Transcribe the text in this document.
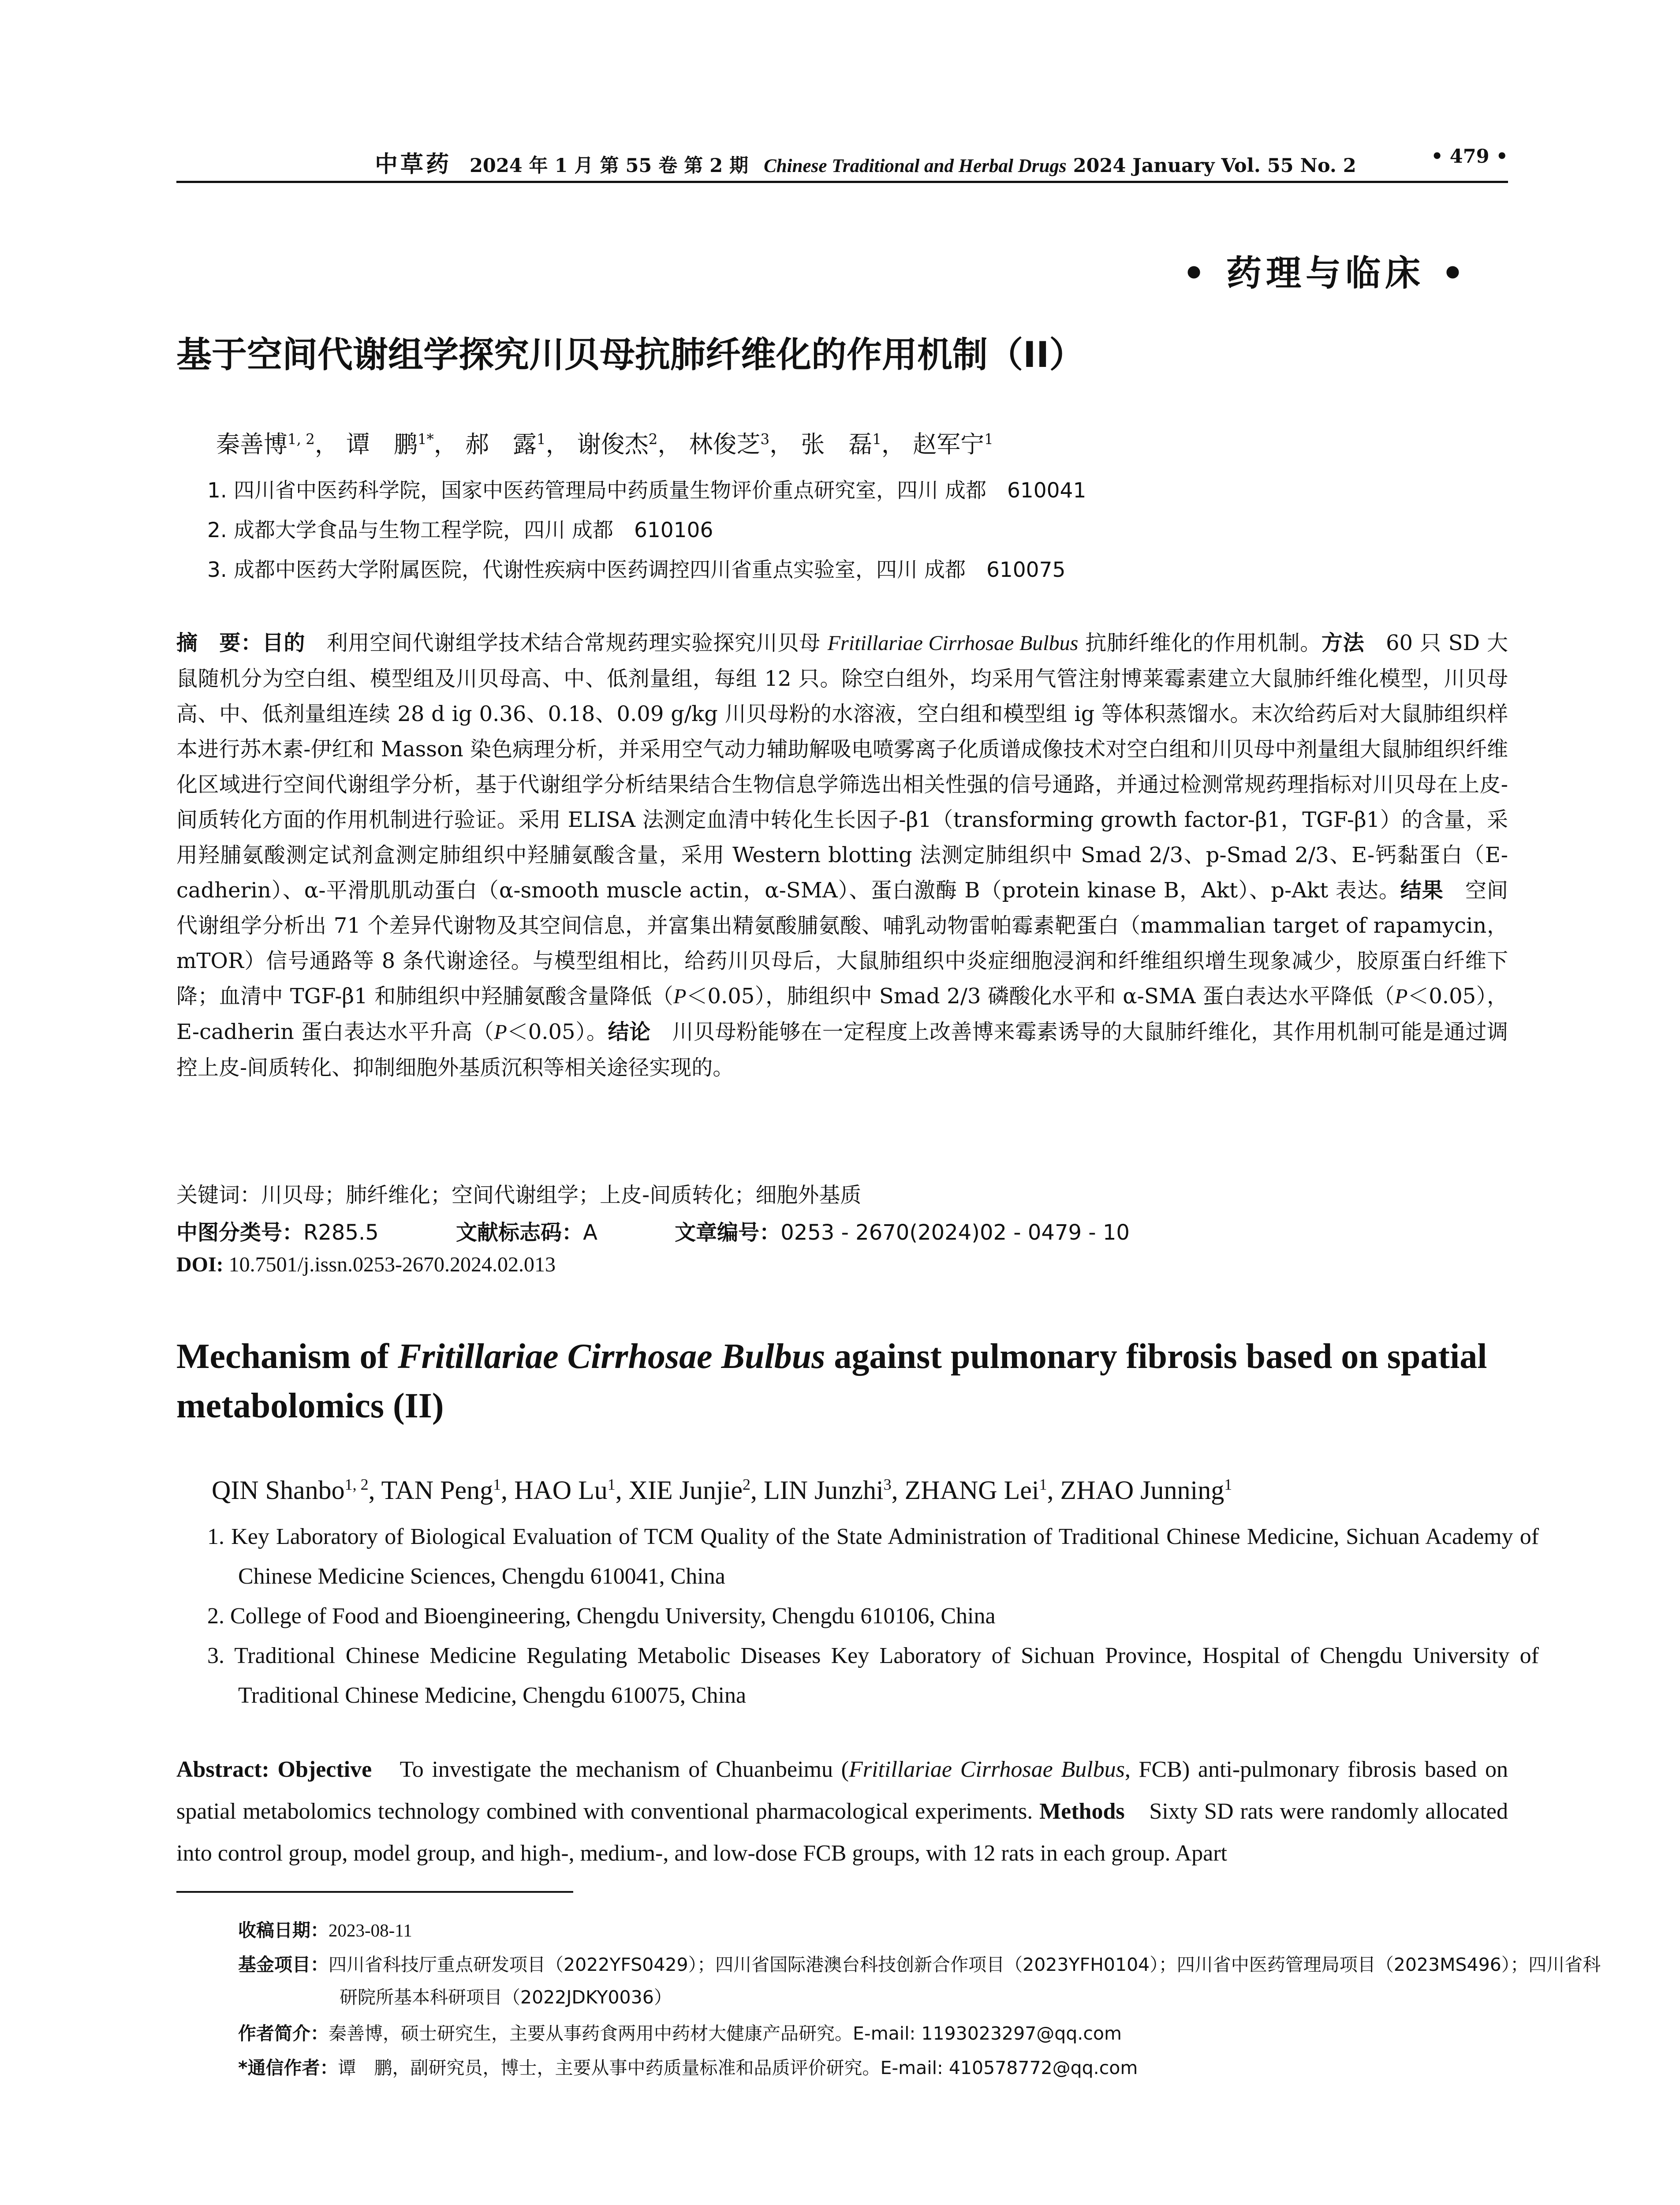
中草药 2024 年 1 月 第 55 卷 第 2 期 Chinese Traditional and Herbal Drugs 2024 January Vol. 55 No. 2	• 479 •
• 药理与临床 •
基于空间代谢组学探究川贝母抗肺纤维化的作用机制（II）
秦善博$^{1, 2}$， 谭　鹏$^{1*}$， 郝　露$^1$， 谢俊杰$^2$， 林俊芝$^3$， 张　磊$^1$， 赵军宁$^1$
1. 四川省中医药科学院，国家中医药管理局中药质量生物评价重点研究室，四川 成都　610041
2. 成都大学食品与生物工程学院，四川 成都　610106
3. 成都中医药大学附属医院，代谢性疾病中医药调控四川省重点实验室，四川 成都　610075

摘　要：目的　 利用空间代谢组学技术结合常规药理实验探究川贝母 Fritillariae Cirrhosae Bulbus 抗肺纤维化的作用机制。方法　 60 只 SD 大鼠随机分为空白组、模型组及川贝母高、中、低剂量组，每组 12 只。除空白组外，均采用气管注射博莱霉素建立大鼠肺纤维化模型，川贝母高、中、低剂量组连续 28 d ig 0.36、0.18、0.09 g/kg 川贝母粉的水溶液，空白组和模型组 ig 等体积蒸馏水。末次给药后对大鼠肺组织样本进行苏木素-伊红和 Masson 染色病理分析，并采用空气动力辅助解吸电喷雾离子化质谱成像技术对空白组和川贝母中剂量组大鼠肺组织纤维化区域进行空间代谢组学分析，基于代谢组学分析结果结合生物信息学筛选出相关性强的信号通路，并通过检测常规药理指标对川贝母在上皮-间质转化方面的作用机制进行验证。采用 ELISA 法测定血清中转化生长因子-β1（transforming growth factor-β1，TGF-β1）的含量，采用羟脯氨酸测定试剂盒测定肺组织中羟脯氨酸含量，采用 Western blotting 法测定肺组织中 Smad 2/3、p-Smad 2/3、E-钙黏蛋白（E-cadherin）、α-平滑肌肌动蛋白（α-smooth muscle actin，α-SMA）、蛋白激酶 B（protein kinase B，Akt）、p-Akt 表达。结果　 空间代谢组学分析出 71 个差异代谢物及其空间信息，并富集出精氨酸脯氨酸、哺乳动物雷帕霉素靶蛋白（mammalian target of rapamycin，mTOR）信号通路等 8 条代谢途径。与模型组相比，给药川贝母后，大鼠肺组织中炎症细胞浸润和纤维组织增生现象减少，胶原蛋白纤维下降；血清中 TGF-β1 和肺组织中羟脯氨酸含量降低（P＜0.05），肺组织中 Smad 2/3 磷酸化水平和 α-SMA 蛋白表达水平降低（P＜0.05），E-cadherin 蛋白表达水平升高（P＜0.05）。结论　 川贝母粉能够在一定程度上改善博来霉素诱导的大鼠肺纤维化，其作用机制可能是通过调控上皮-间质转化、抑制细胞外基质沉积等相关途径实现的。

关键词：川贝母；肺纤维化；空间代谢组学；上皮-间质转化；细胞外基质

中图分类号：R285.5	文献标志码：A	文章编号：0253 - 2670(2024)02 - 0479 - 10
DOI: 10.7501/j.issn.0253-2670.2024.02.013

Mechanism of Fritillariae Cirrhosae Bulbus against pulmonary fibrosis based on spatial metabolomics (II)

QIN Shanbo$^{1, 2}$, TAN Peng$^1$, HAO Lu$^1$, XIE Junjie$^2$, LIN Junzhi$^3$, ZHANG Lei$^1$, ZHAO Junning$^1$

1. Key Laboratory of Biological Evaluation of TCM Quality of the State Administration of Traditional Chinese Medicine, Sichuan Academy of Chinese Medicine Sciences, Chengdu 610041, China

2. College of Food and Bioengineering, Chengdu University, Chengdu 610106, China

3. Traditional Chinese Medicine Regulating Metabolic Diseases Key Laboratory of Sichuan Province, Hospital of Chengdu University of Traditional Chinese Medicine, Chengdu 610075, China

Abstract: Objective　 To investigate the mechanism of Chuanbeimu (Fritillariae Cirrhosae Bulbus, FCB) anti-pulmonary fibrosis based on spatial metabolomics technology combined with conventional pharmacological experiments. Methods　 Sixty SD rats were randomly allocated into control group, model group, and high-, medium-, and low-dose FCB groups, with 12 rats in each group. Apart

收稿日期：2023-08-11

基金项目：四川省科技厅重点研发项目（2022YFS0429）；四川省国际港澳台科技创新合作项目（2023YFH0104）；四川省中医药管理局项目（2023MS496）；四川省科研院所基本科研项目（2022JDKY0036）

作者简介：秦善博，硕士研究生，主要从事药食两用中药材大健康产品研究。E-mail: 1193023297@qq.com

*通信作者：谭　鹏，副研究员，博士，主要从事中药质量标准和品质评价研究。E-mail: 410578772@qq.com
